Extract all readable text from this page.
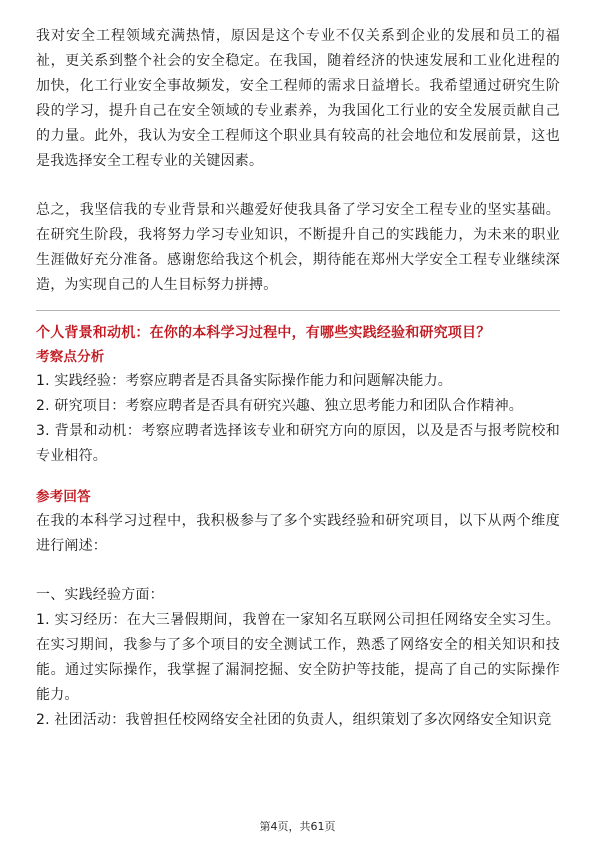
我对安全工程领域充满热情，原因是这个专业不仅关系到企业的发展和员工的福祉，更关系到整个社会的安全稳定。在我国，随着经济的快速发展和工业化进程的加快，化工行业安全事故频发，安全工程师的需求日益增长。我希望通过研究生阶段的学习，提升自己在安全领域的专业素养，为我国化工行业的安全发展贡献自己的力量。此外，我认为安全工程师这个职业具有较高的社会地位和发展前景，这也是我选择安全工程专业的关键因素。

总之，我坚信我的专业背景和兴趣爱好使我具备了学习安全工程专业的坚实基础。在研究生阶段，我将努力学习专业知识，不断提升自己的实践能力，为未来的职业生涯做好充分准备。感谢您给我这个机会，期待能在郑州大学安全工程专业继续深造，为实现自己的人生目标努力拼搏。

个人背景和动机：在你的本科学习过程中，有哪些实践经验和研究项目？

考察点分析

1. 实践经验：考察应聘者是否具备实际操作能力和问题解决能力。

2. 研究项目：考察应聘者是否具有研究兴趣、独立思考能力和团队合作精神。

3. 背景和动机：考察应聘者选择该专业和研究方向的原因，以及是否与报考院校和专业相符。

参考回答

在我的本科学习过程中，我积极参与了多个实践经验和研究项目，以下从两个维度进行阐述：

一、实践经验方面：

1. 实习经历：在大三暑假期间，我曾在一家知名互联网公司担任网络安全实习生。在实习期间，我参与了多个项目的安全测试工作，熟悉了网络安全的相关知识和技能。通过实际操作，我掌握了漏洞挖掘、安全防护等技能，提高了自己的实际操作能力。

2. 社团活动：我曾担任校网络安全社团的负责人，组织策划了多次网络安全知识竞

第4页，共61页
